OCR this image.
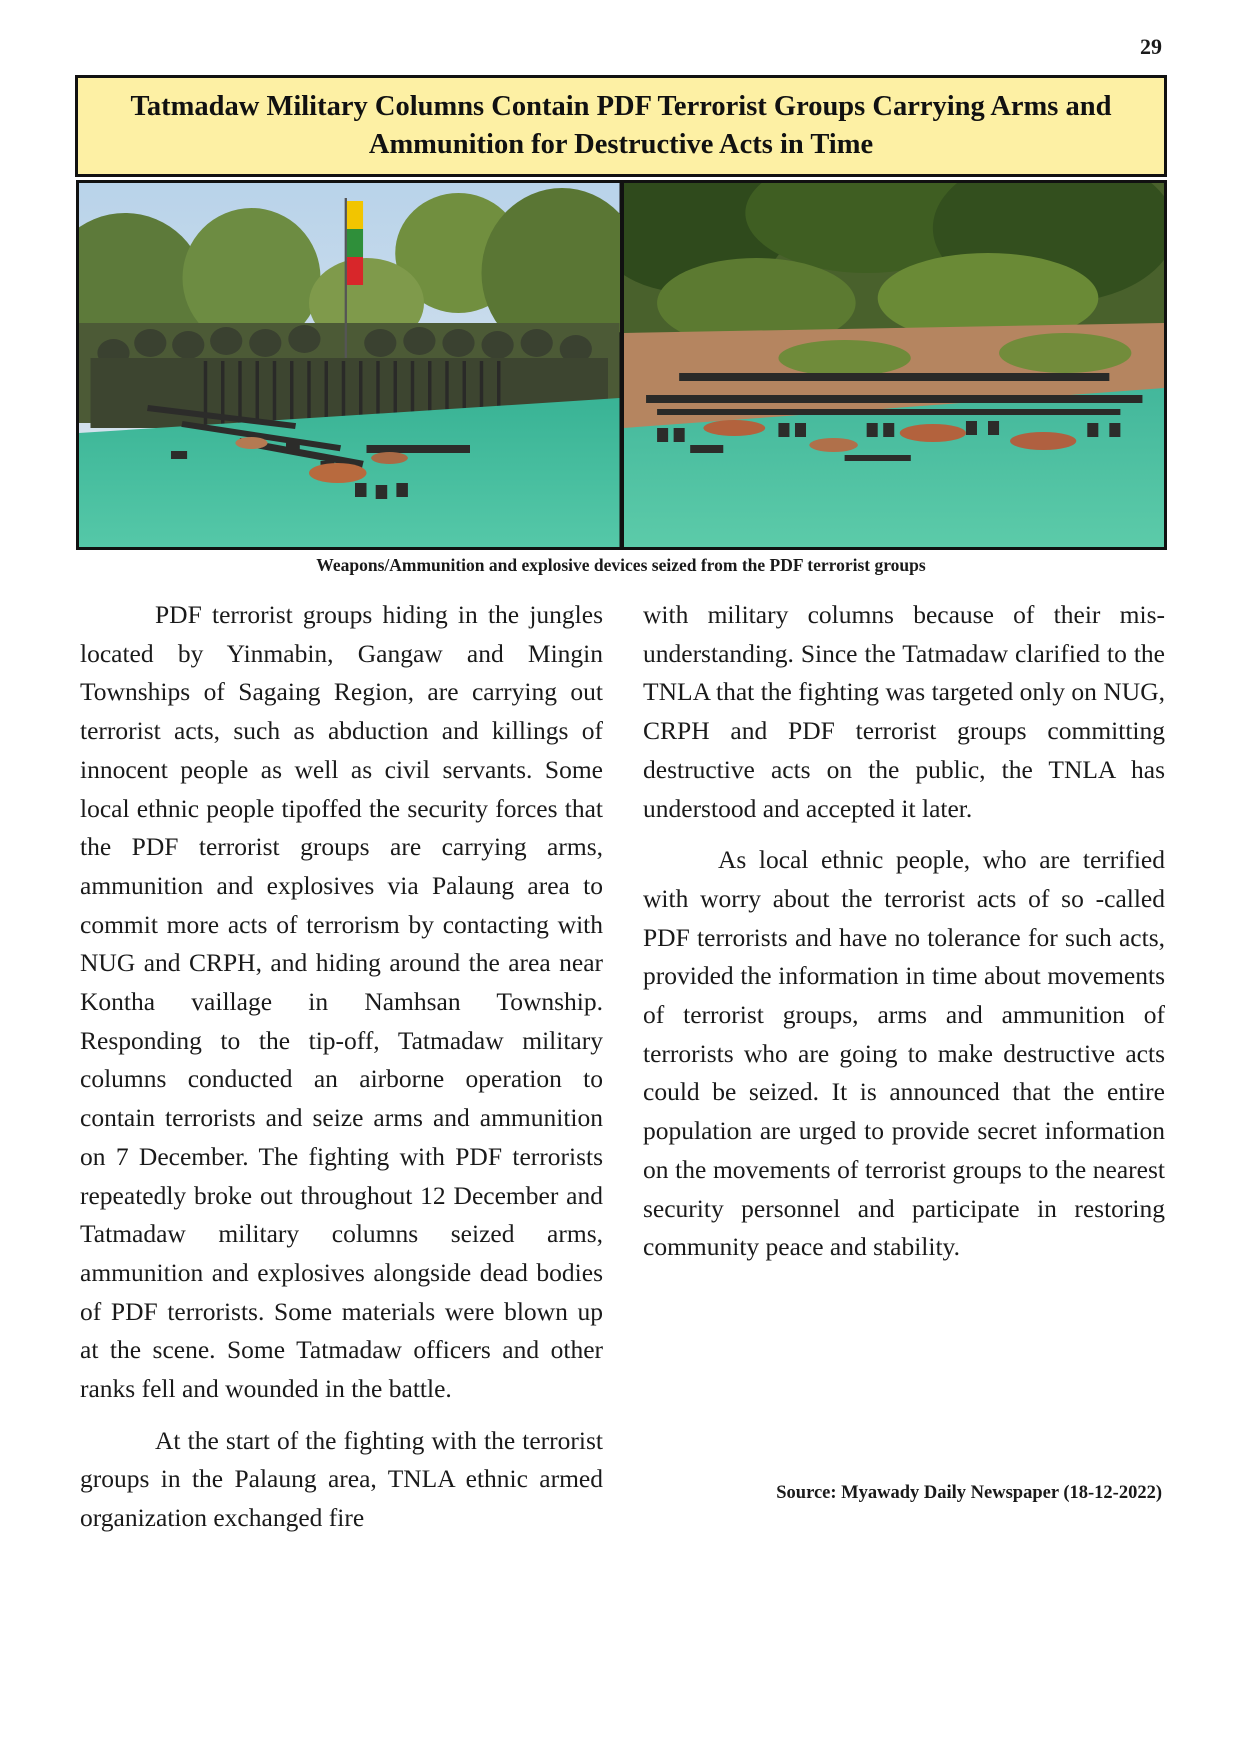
29
Tatmadaw Military Columns Contain PDF Terrorist Groups Carrying Arms and Ammunition for Destructive Acts in Time
Weapons/Ammunition and explosive devices seized from the PDF terrorist groups

PDF terrorist groups hiding in the jungles located by Yinmabin, Gangaw and Mingin Townships of Sagaing Region, are carrying out terrorist acts, such as abduction and killings of innocent people as well as civil servants. Some local ethnic people tipoffed the security forces that the PDF terrorist groups are carrying arms, ammunition and explosives via Palaung area to commit more acts of terrorism by contacting with NUG and CRPH, and hiding around the area near Kontha vaillage in Namhsan Township. Responding to the tip-off, Tatmadaw military columns conducted an airborne operation to contain terrorists and seize arms and ammunition on 7 December. The fighting with PDF terrorists repeatedly broke out throughout 12 December and Tatmadaw military columns seized arms, ammunition and explosives alongside dead bodies of PDF terrorists. Some materials were blown up at the scene. Some Tatmadaw officers and other ranks fell and wounded in the battle.

At the start of the fighting with the terrorist groups in the Palaung area, TNLA ethnic armed organization exchanged fire

with military columns because of their misunderstanding. Since the Tatmadaw clarified to the TNLA that the fighting was targeted only on NUG, CRPH and PDF terrorist groups committing destructive acts on the public, the TNLA has understood and accepted it later.

As local ethnic people, who are terrified with worry about the terrorist acts of so -called PDF terrorists and have no tolerance for such acts, provided the information in time about movements of terrorist groups, arms and ammunition of terrorists who are going to make destructive acts could be seized. It is announced that the entire population are urged to provide secret information on the movements of terrorist groups to the nearest security personnel and participate in restoring community peace and stability.

Source: Myawady Daily Newspaper (18-12-2022)
